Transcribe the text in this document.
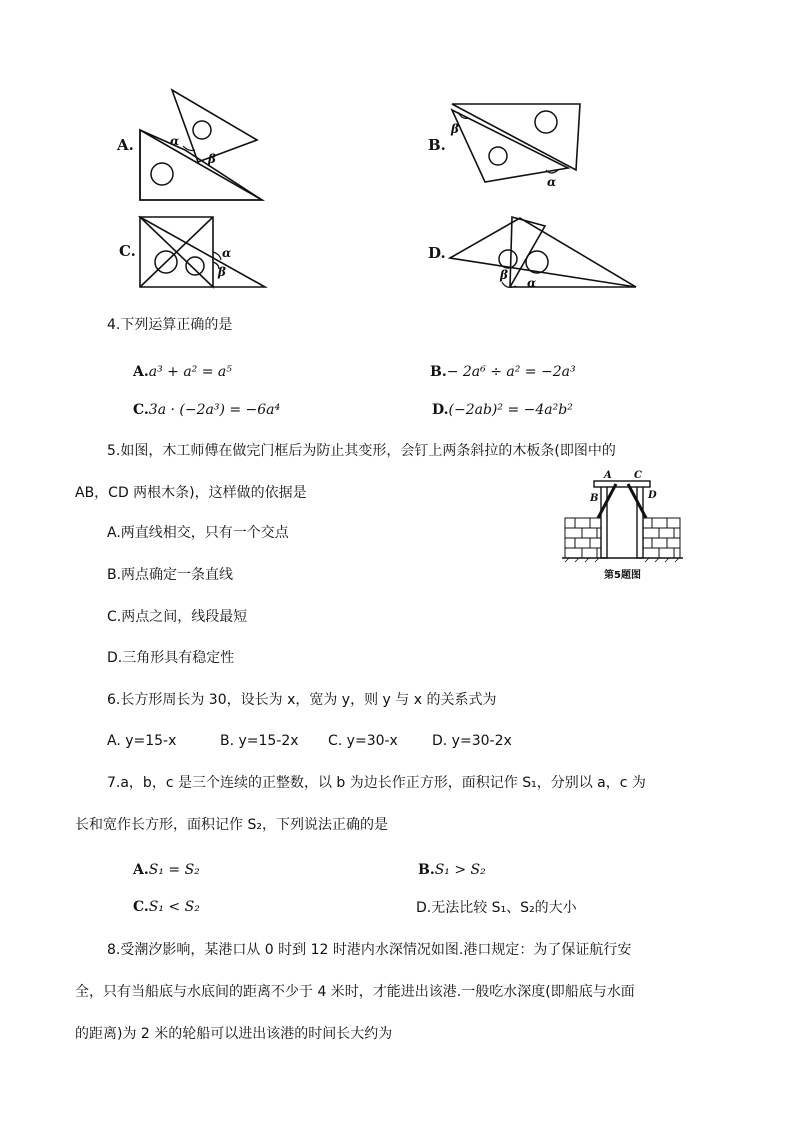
A.	α
β
B.
β
α
C.	α
β
D.
β
α
4.下列运算正确的是
A.a³ + a² = a⁵	B.− 2a⁶ ÷ a² = −2a³
C.3a · (−2a³) = −6a⁴	D.(−2ab)² = −4a²b²
5.如图，木工师傅在做完门框后为防止其变形，会钉上两条斜拉的木板条(即图中的
AB，CD 两根木条)，这样做的依据是
A.两直线相交，只有一个交点
B.两点确定一条直线
C.两点之间，线段最短
D.三角形具有稳定性
A C
B	D
第5题图
6.长方形周长为 30，设长为 x，宽为 y，则 y 与 x 的关系式为
A. y=15-x	B. y=15-2x C. y=30-x D. y=30-2x
7.a，b，c 是三个连续的正整数，以 b 为边长作正方形，面积记作 S₁，分别以 a，c 为
长和宽作长方形，面积记作 S₂，下列说法正确的是
A.S₁ = S₂	B.S₁ > S₂
C.S₁ < S₂	D.无法比较 S₁、S₂的大小
8.受潮汐影响，某港口从 0 时到 12 时港内水深情况如图.港口规定：为了保证航行安
全，只有当船底与水底间的距离不少于 4 米时，才能进出该港.一般吃水深度(即船底与水面
的距离)为 2 米的轮船可以进出该港的时间长大约为
